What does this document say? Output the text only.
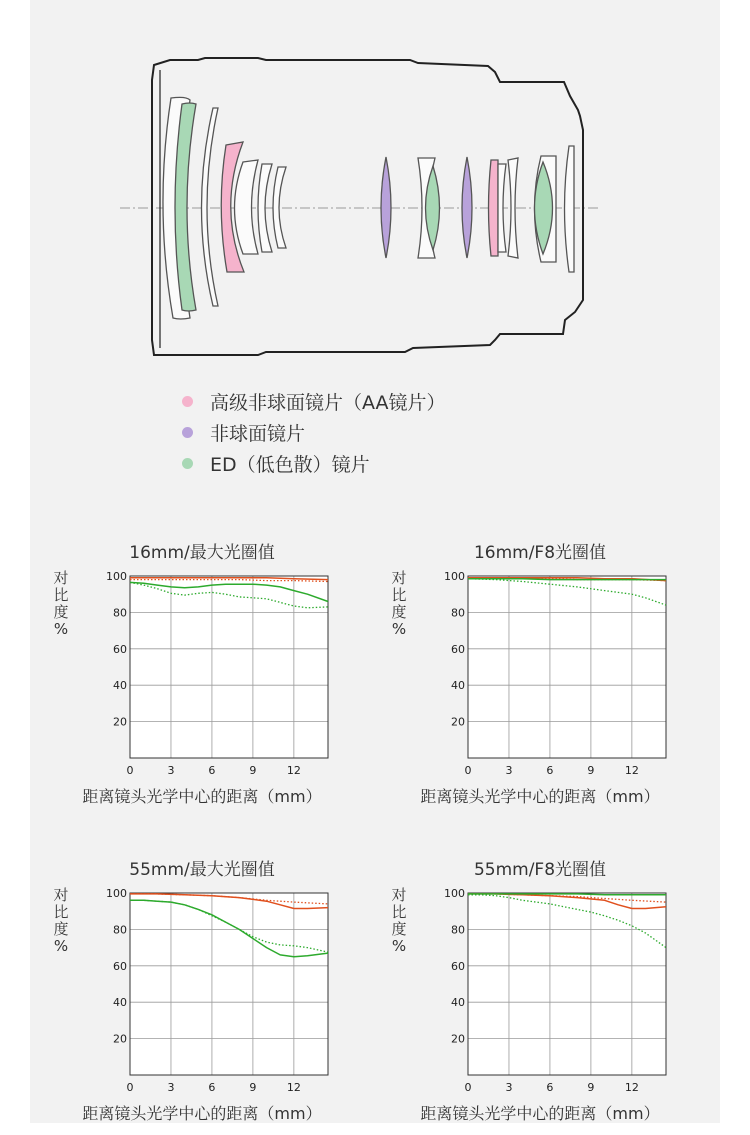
高级非球面镜片（AA镜片）
非球面镜片
ED（低色散）镜片
16mm/最大光圈值
对
比
度
%
20
40
60
80
100
0	3	6	9	12
距离镜头光学中心的距离（mm）
16mm/F8光圈值
对
比
度
%
20
40
60
80
100
0	3	6	9	12
距离镜头光学中心的距离（mm）
55mm/最大光圈值
对
比
度
%
20
40
60
80
100
0	3	6	9	12
距离镜头光学中心的距离（mm）
55mm/F8光圈值
对
比
度
%
20
40
60
80
100
0	3	6	9	12
距离镜头光学中心的距离（mm）
